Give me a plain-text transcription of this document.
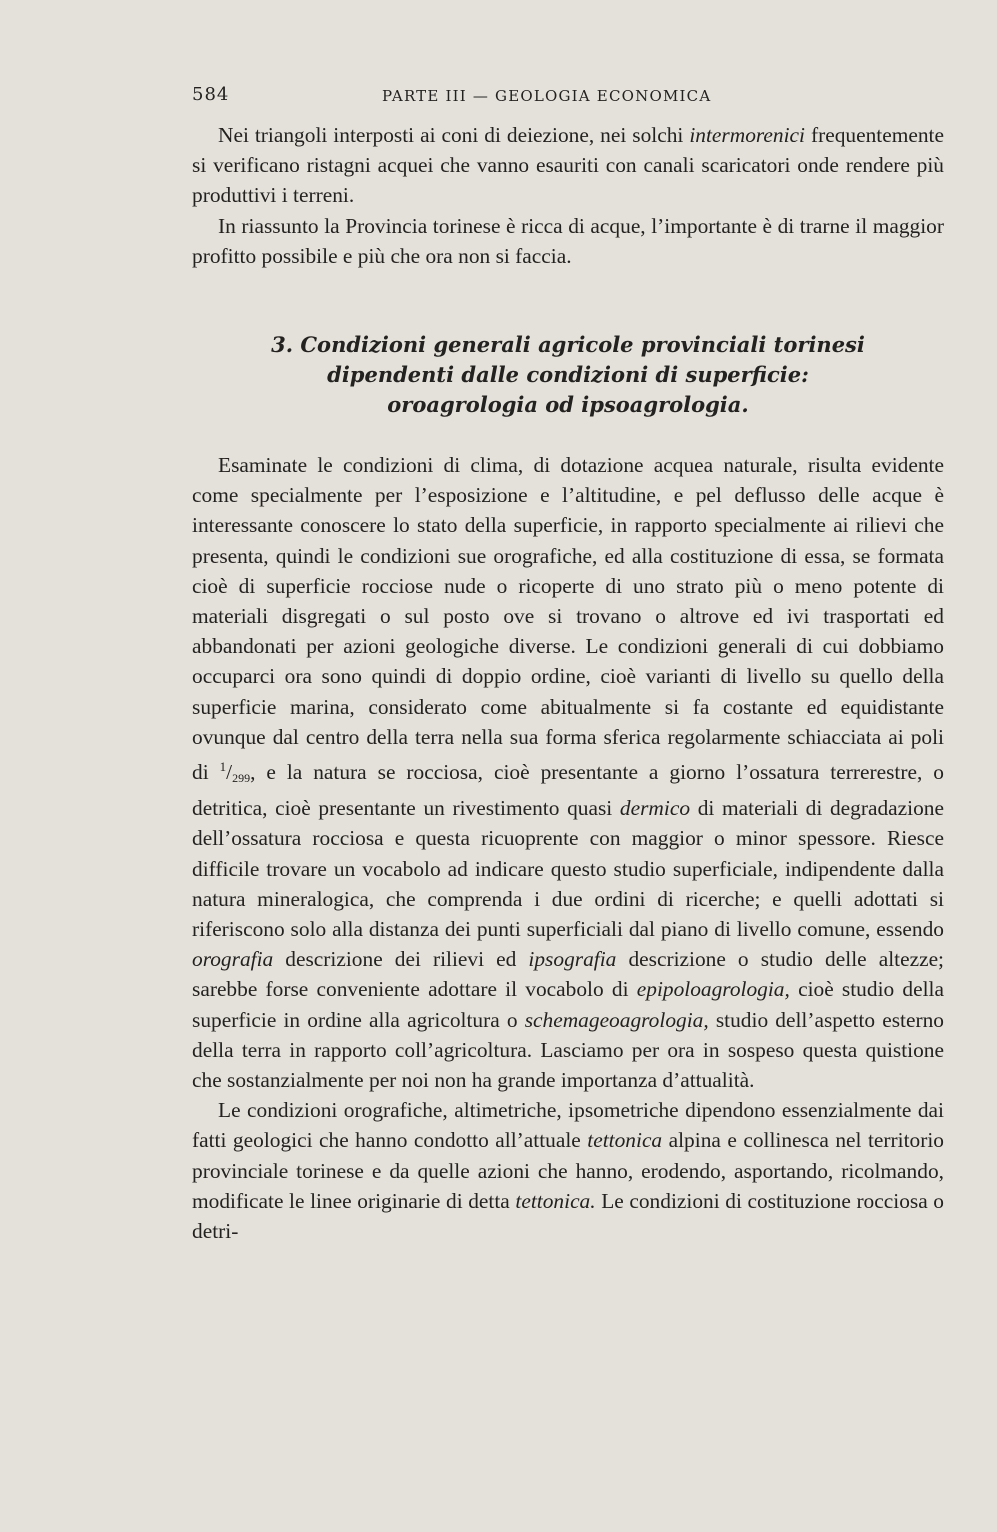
584	PARTE III — GEOLOGIA ECONOMICA

Nei triangoli interposti ai coni di deiezione, nei solchi intermorenici frequentemente si verificano ristagni acquei che vanno esauriti con canali scaricatori onde rendere più produttivi i terreni.

In riassunto la Provincia torinese è ricca di acque, l’importante è di trarne il maggior profitto possibile e più che ora non si faccia.

3. Condizioni generali agricole provinciali torinesi
dipendenti dalle condizioni di superficie:
oroagrologia od ipsoagrologia.

Esaminate le condizioni di clima, di dotazione acquea naturale, risulta evidente come specialmente per l’esposizione e l’altitudine, e pel deflusso delle acque è interessante conoscere lo stato della superficie, in rapporto specialmente ai rilievi che presenta, quindi le condizioni sue orografiche, ed alla costituzione di essa, se formata cioè di superficie rocciose nude o ricoperte di uno strato più o meno potente di materiali disgregati o sul posto ove si trovano o altrove ed ivi trasportati ed abbandonati per azioni geologiche diverse. Le condizioni generali di cui dobbiamo occuparci ora sono quindi di doppio ordine, cioè varianti di livello su quello della superficie marina, considerato come abitualmente si fa costante ed equidistante ovunque dal centro della terra nella sua forma sferica regolarmente schiacciata ai poli di $^1/_{299}$, e la natura se rocciosa, cioè presentante a giorno l’ossatura terrerestre, o detritica, cioè presentante un rivestimento quasi dermico di materiali di degradazione dell’ossatura rocciosa e questa ricuoprente con maggior o minor spessore. Riesce difficile trovare un vocabolo ad indicare questo studio superficiale, indipendente dalla natura mineralogica, che comprenda i due ordini di ricerche; e quelli adottati si riferiscono solo alla distanza dei punti superficiali dal piano di livello comune, essendo orografia descrizione dei rilievi ed ipsografia descrizione o studio delle altezze; sarebbe forse conveniente adottare il vocabolo di epipoloagrologia, cioè studio della superficie in ordine alla agricoltura o schemageoagrologia, studio dell’aspetto esterno della terra in rapporto coll’agricoltura. Lasciamo per ora in sospeso questa quistione che sostanzialmente per noi non ha grande importanza d’attualità.

Le condizioni orografiche, altimetriche, ipsometriche dipendono essenzialmente dai fatti geologici che hanno condotto all’attuale tettonica alpina e collinesca nel territorio provinciale torinese e da quelle azioni che hanno, erodendo, asportando, ricolmando, modificate le linee originarie di detta tettonica. Le condizioni di costituzione rocciosa o detri-
